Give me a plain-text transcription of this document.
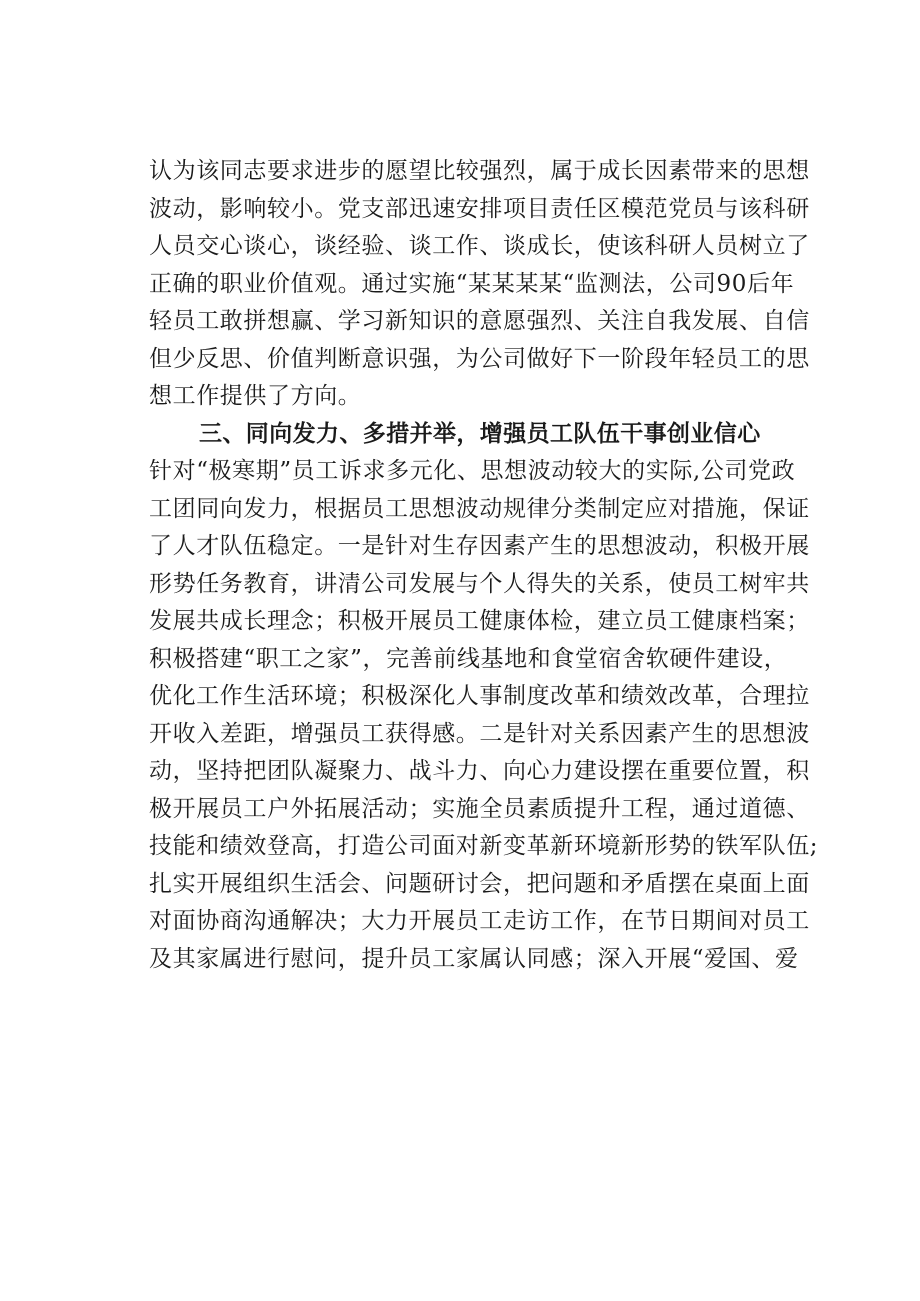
认为该同志要求进步的愿望比较强烈，属于成长因素带来的思想
波动，影响较小。党支部迅速安排项目责任区模范党员与该科研
人员交心谈心，谈经验、谈工作、谈成长，使该科研人员树立了
正确的职业价值观。通过实施“某某某某“监测法，公司90后年
轻员工敢拼想赢、学习新知识的意愿强烈、关注自我发展、自信
但少反思、价值判断意识强，为公司做好下一阶段年轻员工的思
想工作提供了方向。
三、同向发力、多措并举，增强员工队伍干事创业信心
针对“极寒期”员工诉求多元化、思想波动较大的实际,公司党政
工团同向发力，根据员工思想波动规律分类制定应对措施，保证
了人才队伍稳定。一是针对生存因素产生的思想波动，积极开展
形势任务教育，讲清公司发展与个人得失的关系，使员工树牢共
发展共成长理念；积极开展员工健康体检，建立员工健康档案；
积极搭建“职工之家”，完善前线基地和食堂宿舍软硬件建设，
优化工作生活环境；积极深化人事制度改革和绩效改革，合理拉
开收入差距，增强员工获得感。二是针对关系因素产生的思想波
动，坚持把团队凝聚力、战斗力、向心力建设摆在重要位置，积
极开展员工户外拓展活动；实施全员素质提升工程，通过道德、
技能和绩效登高，打造公司面对新变革新环境新形势的铁军队伍;
扎实开展组织生活会、问题研讨会，把问题和矛盾摆在桌面上面
对面协商沟通解决；大力开展员工走访工作，在节日期间对员工
及其家属进行慰问，提升员工家属认同感；深入开展“爱国、爱
